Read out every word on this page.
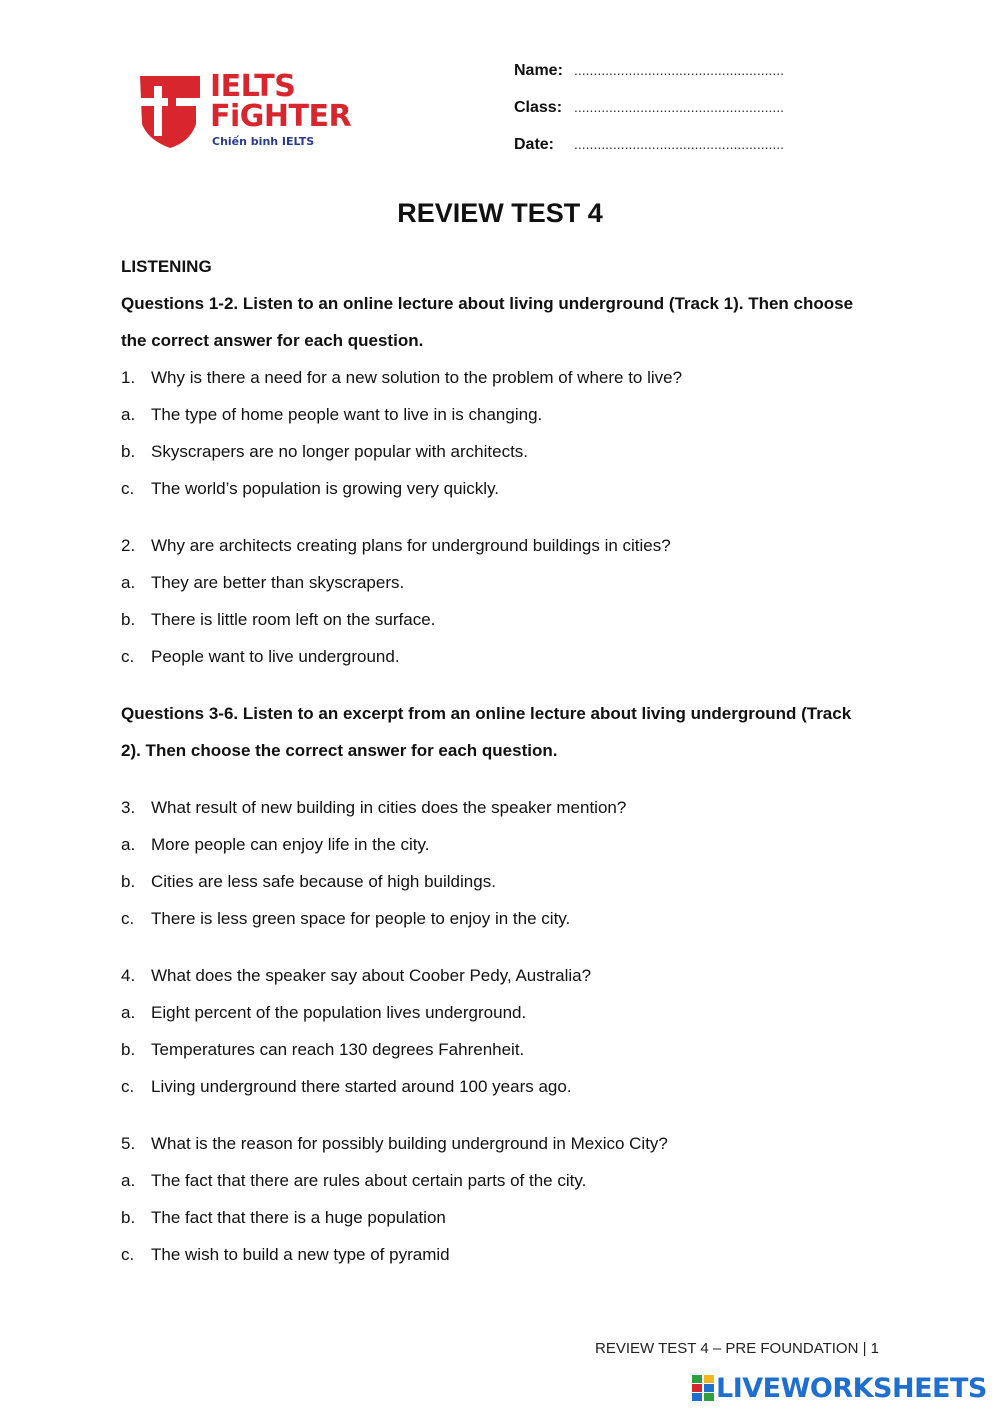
IELTS
FiGHTER
Chiến binh IELTS
Name: ......................................................
Class: ......................................................
Date:	......................................................
REVIEW TEST 4
LISTENING
Questions 1-2. Listen to an online lecture about living underground (Track 1). Then choose
the correct answer for each question.
1. Why is there a need for a new solution to the problem of where to live?
a. The type of home people want to live in is changing.
b. Skyscrapers are no longer popular with architects.
c. The world’s population is growing very quickly.
2. Why are architects creating plans for underground buildings in cities?
a. They are better than skyscrapers.
b. There is little room left on the surface.
c. People want to live underground.
Questions 3-6. Listen to an excerpt from an online lecture about living underground (Track
2). Then choose the correct answer for each question.
3. What result of new building in cities does the speaker mention?
a. More people can enjoy life in the city.
b. Cities are less safe because of high buildings.
c. There is less green space for people to enjoy in the city.
4. What does the speaker say about Coober Pedy, Australia?
a. Eight percent of the population lives underground.
b. Temperatures can reach 130 degrees Fahrenheit.
c. Living underground there started around 100 years ago.
5. What is the reason for possibly building underground in Mexico City?
a. The fact that there are rules about certain parts of the city.
b. The fact that there is a huge population
c. The wish to build a new type of pyramid
REVIEW TEST 4 – PRE FOUNDATION | 1
LIVEWORKSHEETS
